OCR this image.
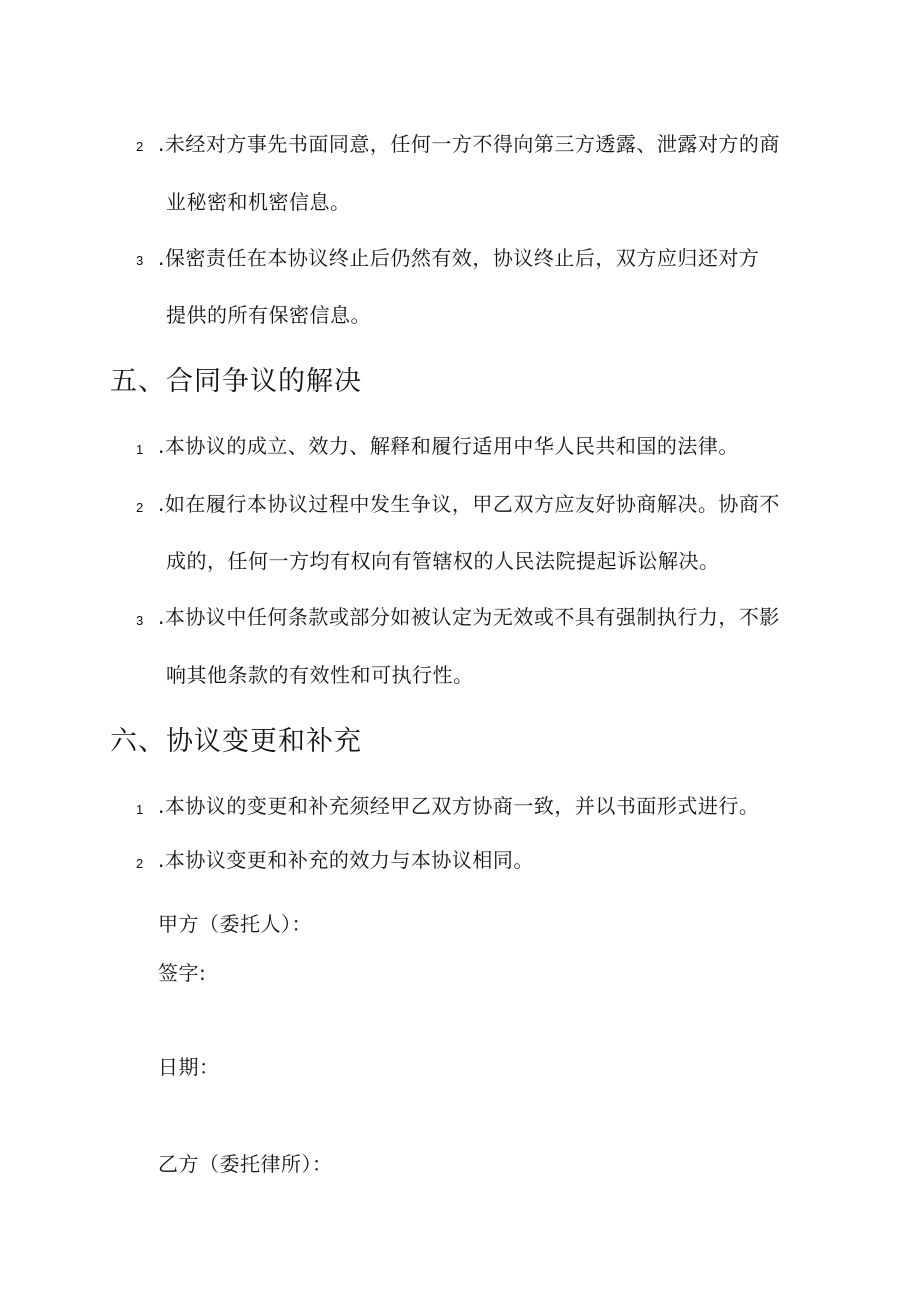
2 .未经对方事先书面同意，任何一方不得向第三方透露、泄露对方的商
业秘密和机密信息。
3 .保密责任在本协议终止后仍然有效，协议终止后，双方应归还对方
提供的所有保密信息。
五、合同争议的解决
1 .本协议的成立、效力、解释和履行适用中华人民共和国的法律。
2 .如在履行本协议过程中发生争议，甲乙双方应友好协商解决。协商不
成的，任何一方均有权向有管辖权的人民法院提起诉讼解决。
3 .本协议中任何条款或部分如被认定为无效或不具有强制执行力，不影
响其他条款的有效性和可执行性。
六、协议变更和补充
1 .本协议的变更和补充须经甲乙双方协商一致，并以书面形式进行。
2 .本协议变更和补充的效力与本协议相同。
甲方（委托人）：
签字:
日期：
乙方（委托律所）：
